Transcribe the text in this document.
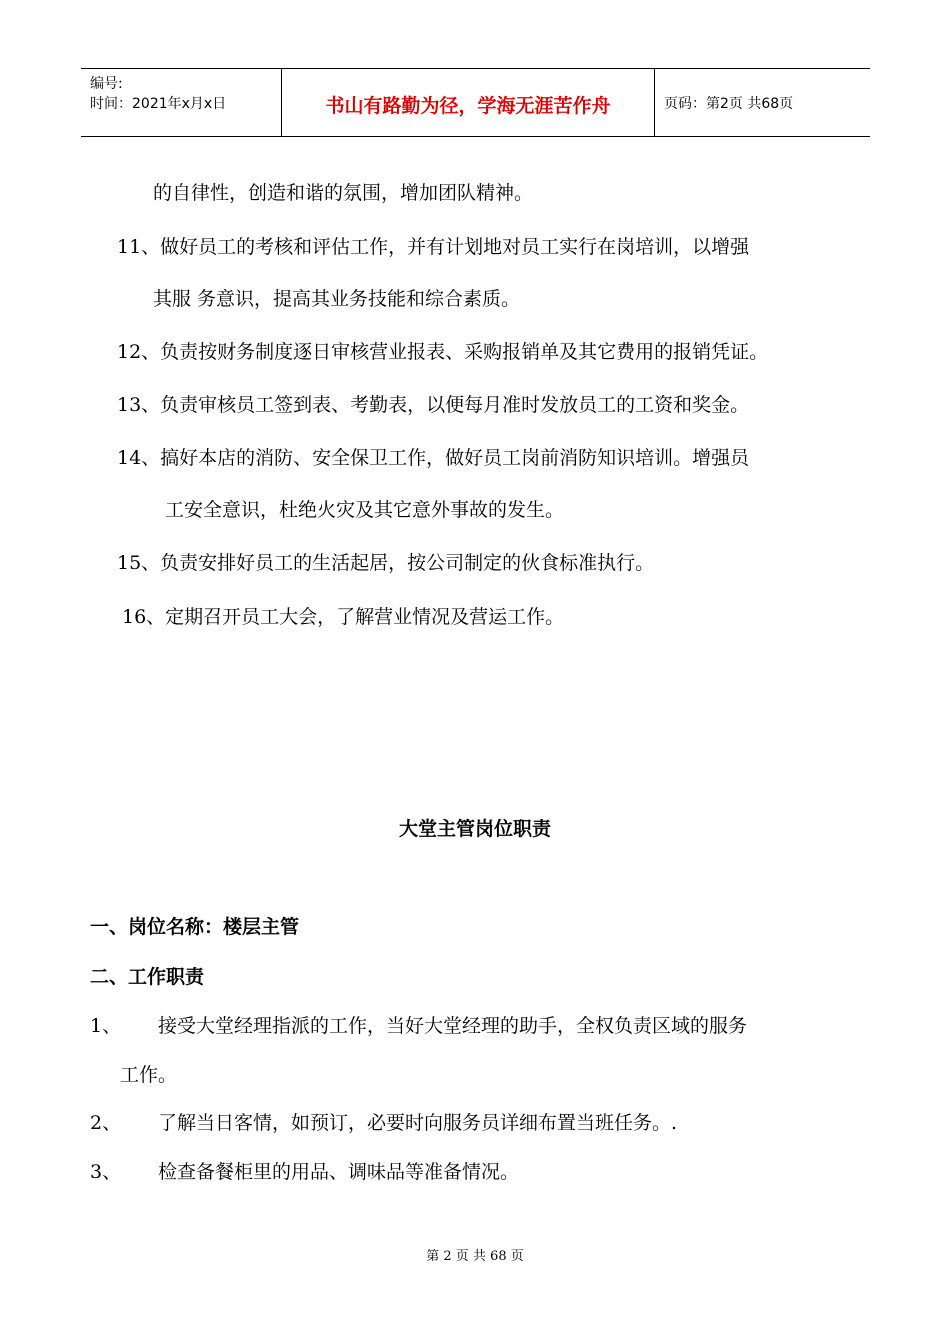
编号:
时间：2021年x月x日	书山有路勤为径，学海无涯苦作舟	页码：第2页 共68页
的自律性，创造和谐的氛围，增加团队精神。
11、做好员工的考核和评估工作，并有计划地对员工实行在岗培训，以增强
其服 务意识，提高其业务技能和综合素质。
12、负责按财务制度逐日审核营业报表、采购报销单及其它费用的报销凭证。
13、负责审核员工签到表、考勤表，以便每月准时发放员工的工资和奖金。
14、搞好本店的消防、安全保卫工作，做好员工岗前消防知识培训。增强员
工安全意识，杜绝火灾及其它意外事故的发生。
15、负责安排好员工的生活起居，按公司制定的伙食标准执行。
16、定期召开员工大会，了解营业情况及营运工作。
大堂主管岗位职责
一、岗位名称：楼层主管
二、工作职责
1、 接受大堂经理指派的工作，当好大堂经理的助手，全权负责区域的服务
工作。
2、 了解当日客情，如预订，必要时向服务员详细布置当班任务。.
3、 检查备餐柜里的用品、调味品等准备情况。
第 2 页 共 68 页
